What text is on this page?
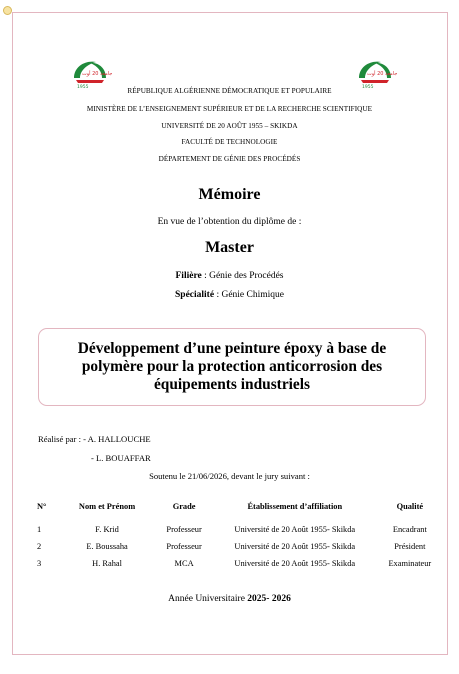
جامعة 20 أوت
1955
جامعة 20 أوت
1955
RÉPUBLIQUE ALGÉRIENNE DÉMOCRATIQUE ET POPULAIRE
MINISTÈRE DE L’ENSEIGNEMENT SUPÉRIEUR ET DE LA RECHERCHE SCIENTIFIQUE
UNIVERSITÉ DE 20 AOÛT 1955 – SKIKDA
FACULTÉ DE TECHNOLOGIE
DÉPARTEMENT DE GÉNIE DES PROCÉDÉS
Mémoire
En vue de l’obtention du diplôme de :
Master
Filière : Génie des Procédés
Spécialité : Génie Chimique
Développement d’une peinture époxy à base de polymère pour la protection anticorrosion des équipements industriels
Réalisé par : - A. HALLOUCHE
- L. BOUAFFAR
Soutenu le 21/06/2026, devant le jury suivant :
N°	Nom et Prénom	Grade	Établissement d’affiliation	Qualité
1	F. Krid	Professeur	Université de 20 Août 1955- Skikda	Encadrant
2	E. Boussaha	Professeur	Université de 20 Août 1955- Skikda	Président
3	H. Rahal	MCA	Université de 20 Août 1955- Skikda	Examinateur
Année Universitaire 2025- 2026
